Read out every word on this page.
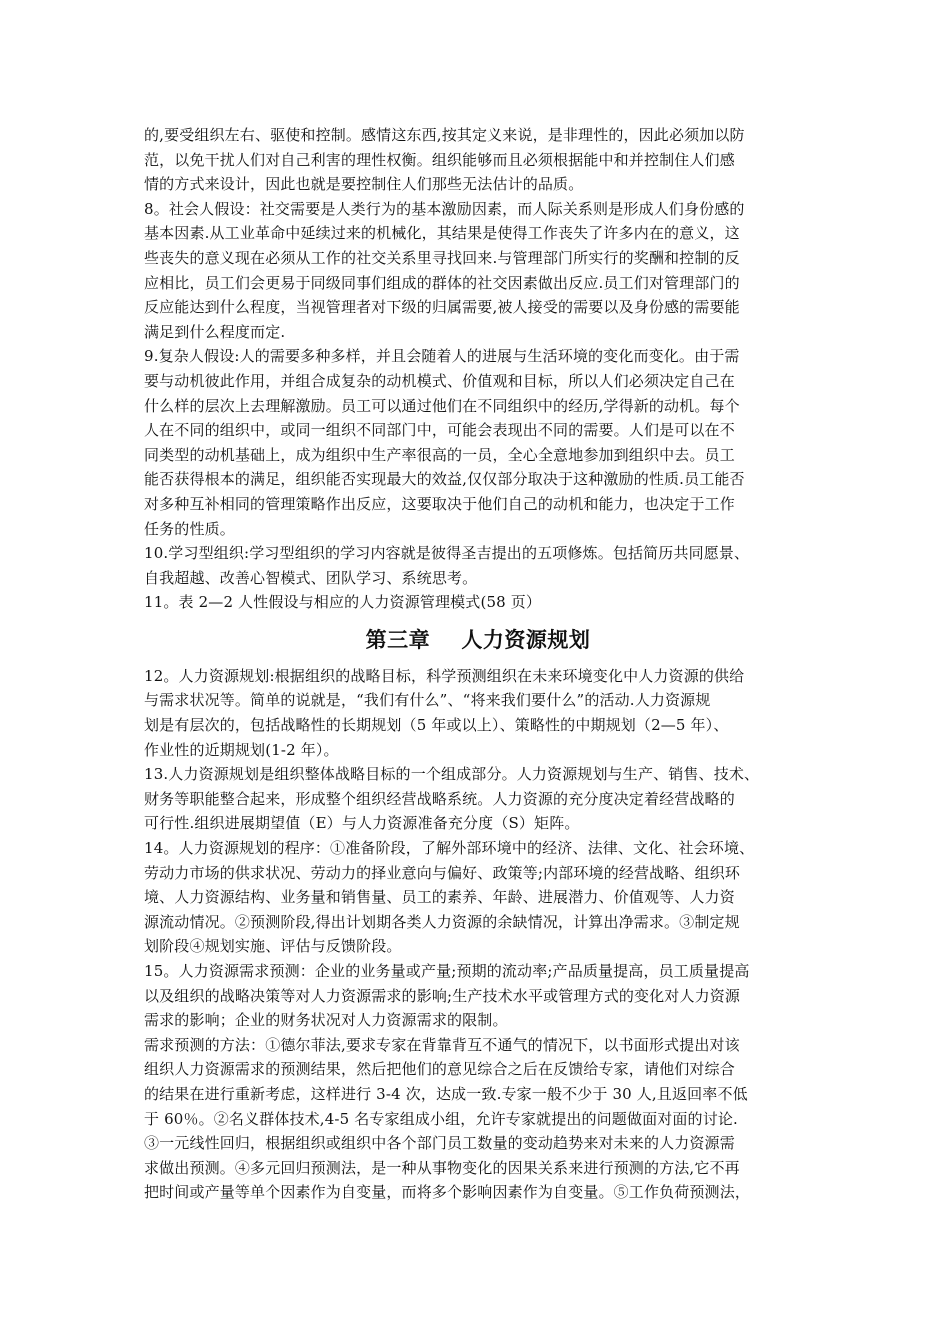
的,要受组织左右、驱使和控制。感情这东西,按其定义来说，是非理性的，因此必须加以防
范，以免干扰人们对自己利害的理性权衡。组织能够而且必须根据能中和并控制住人们感
情的方式来设计，因此也就是要控制住人们那些无法估计的品质。
8。社会人假设：社交需要是人类行为的基本激励因素，而人际关系则是形成人们身份感的
基本因素.从工业革命中延续过来的机械化，其结果是使得工作丧失了许多内在的意义，这
些丧失的意义现在必须从工作的社交关系里寻找回来.与管理部门所实行的奖酬和控制的反
应相比，员工们会更易于同级同事们组成的群体的社交因素做出反应.员工们对管理部门的
反应能达到什么程度，当视管理者对下级的归属需要,被人接受的需要以及身份感的需要能
满足到什么程度而定.
9.复杂人假设:人的需要多种多样，并且会随着人的进展与生活环境的变化而变化。由于需
要与动机彼此作用，并组合成复杂的动机模式、价值观和目标，所以人们必须决定自己在
什么样的层次上去理解激励。员工可以通过他们在不同组织中的经历,学得新的动机。每个
人在不同的组织中，或同一组织不同部门中，可能会表现出不同的需要。人们是可以在不
同类型的动机基础上，成为组织中生产率很高的一员，全心全意地参加到组织中去。员工
能否获得根本的满足，组织能否实现最大的效益,仅仅部分取决于这种激励的性质.员工能否
对多种互补相同的管理策略作出反应，这要取决于他们自己的动机和能力，也决定于工作
任务的性质。
10.学习型组织:学习型组织的学习内容就是彼得圣吉提出的五项修炼。包括简历共同愿景、
自我超越、改善心智模式、团队学习、系统思考。
11。表 2—2 人性假设与相应的人力资源管理模式(58 页）
第三章    人力资源规划
12。人力资源规划:根据组织的战略目标，科学预测组织在未来环境变化中人力资源的供给
与需求状况等。简单的说就是，“我们有什么”、“将来我们要什么”的活动.人力资源规
划是有层次的，包括战略性的长期规划（5 年或以上）、策略性的中期规划（2—5 年）、
作业性的近期规划(1-2 年）。
13.人力资源规划是组织整体战略目标的一个组成部分。人力资源规划与生产、销售、技术、
财务等职能整合起来，形成整个组织经营战略系统。人力资源的充分度决定着经营战略的
可行性.组织进展期望值（E）与人力资源准备充分度（S）矩阵。
14。人力资源规划的程序：①准备阶段，了解外部环境中的经济、法律、文化、社会环境、
劳动力市场的供求状况、劳动力的择业意向与偏好、政策等;内部环境的经营战略、组织环
境、人力资源结构、业务量和销售量、员工的素养、年龄、进展潜力、价值观等、人力资
源流动情况。②预测阶段,得出计划期各类人力资源的余缺情况，计算出净需求。③制定规
划阶段④规划实施、评估与反馈阶段。
15。人力资源需求预测：企业的业务量或产量;预期的流动率;产品质量提高，员工质量提高
以及组织的战略决策等对人力资源需求的影响;生产技术水平或管理方式的变化对人力资源
需求的影响；企业的财务状况对人力资源需求的限制。
需求预测的方法：①德尔菲法,要求专家在背靠背互不通气的情况下，以书面形式提出对该
组织人力资源需求的预测结果，然后把他们的意见综合之后在反馈给专家，请他们对综合
的结果在进行重新考虑，这样进行 3-4 次，达成一致.专家一般不少于 30 人,且返回率不低
于 60％。②名义群体技术,4-5 名专家组成小组，允许专家就提出的问题做面对面的讨论.
③一元线性回归，根据组织或组织中各个部门员工数量的变动趋势来对未来的人力资源需
求做出预测。④多元回归预测法，是一种从事物变化的因果关系来进行预测的方法,它不再
把时间或产量等单个因素作为自变量，而将多个影响因素作为自变量。⑤工作负荷预测法，
